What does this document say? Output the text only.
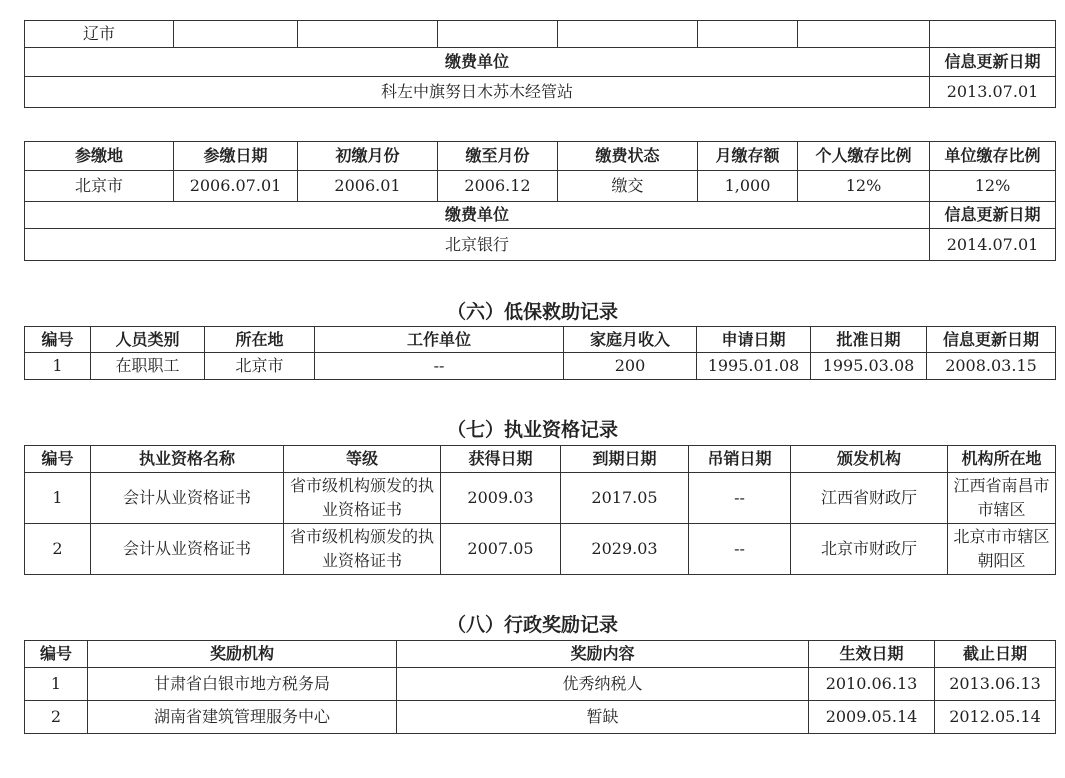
辽市							
缴费单位							信息更新日期
科左中旗努日木苏木经管站							2013.07.01
参缴地	参缴日期	初缴月份	缴至月份	缴费状态	月缴存额	个人缴存比例	单位缴存比例
北京市	2006.07.01	2006.01	2006.12	缴交	1,000	12%	12%
缴费单位							信息更新日期
北京银行							2014.07.01
（六）低保救助记录
编号	人员类别	所在地	工作单位	家庭月收入	申请日期	批准日期	信息更新日期
1	在职职工	北京市	--	200	1995.01.08	1995.03.08	2008.03.15
（七）执业资格记录
编号	执业资格名称	等级	获得日期	到期日期	吊销日期	颁发机构	机构所在地
1	会计从业资格证书	省市级机构颁发的执业资格证书	2009.03	2017.05	--	江西省财政厅	江西省南昌市市辖区
2	会计从业资格证书	省市级机构颁发的执业资格证书	2007.05	2029.03	--	北京市财政厅	北京市市辖区朝阳区
（八）行政奖励记录
编号	奖励机构	奖励内容	生效日期	截止日期
1	甘肃省白银市地方税务局	优秀纳税人	2010.06.13	2013.06.13
2	湖南省建筑管理服务中心	暂缺	2009.05.14	2012.05.14
